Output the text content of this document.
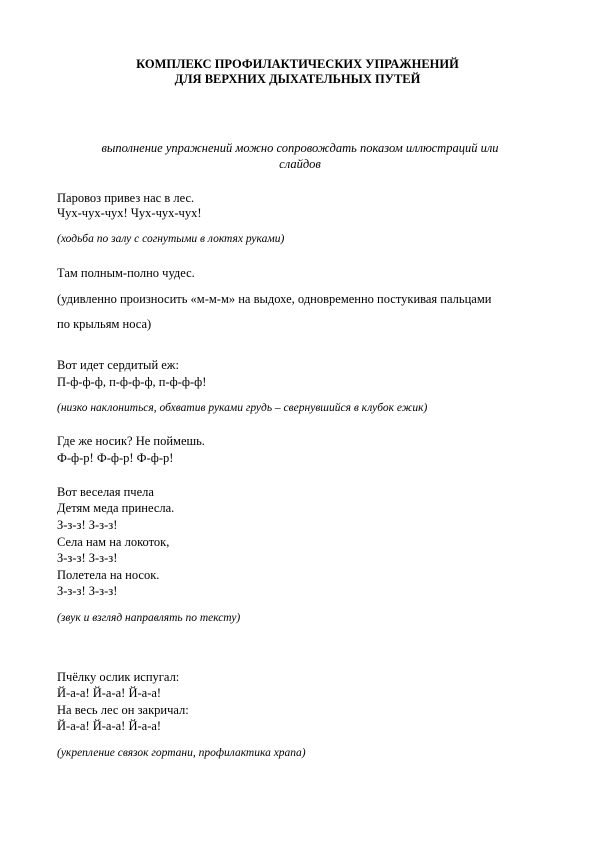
КОМПЛЕКС ПРОФИЛАКТИЧЕСКИХ УПРАЖНЕНИЙ
ДЛЯ ВЕРХНИХ ДЫХАТЕЛЬНЫХ ПУТЕЙ
выполнение упражнений можно сопровождать показом иллюстраций или
слайдов
Паровоз привез нас в лес.
Чух-чух-чух! Чух-чух-чух!
(ходьба по залу с согнутыми в локтях руками)
Там полным-полно чудес.
(удивленно произносить «м-м-м» на выдохе, одновременно постукивая пальцами
по крыльям носа)
Вот идет сердитый еж:
П-ф-ф-ф, п-ф-ф-ф, п-ф-ф-ф!
(низко наклониться, обхватив руками грудь – свернувшийся в клубок ежик)
Где же носик? Не поймешь.
Ф-ф-р! Ф-ф-р! Ф-ф-р!
Вот веселая пчела
Детям меда принесла.
З-з-з! З-з-з!
Села нам на локоток,
З-з-з! З-з-з!
Полетела на носок.
З-з-з! З-з-з!
(звук и взгляд направлять по тексту)
Пчёлку ослик испугал:
Й-а-а! Й-а-а! Й-а-а!
На весь лес он закричал:
Й-а-а! Й-а-а! Й-а-а!
(укрепление связок гортани, профилактика храпа)
